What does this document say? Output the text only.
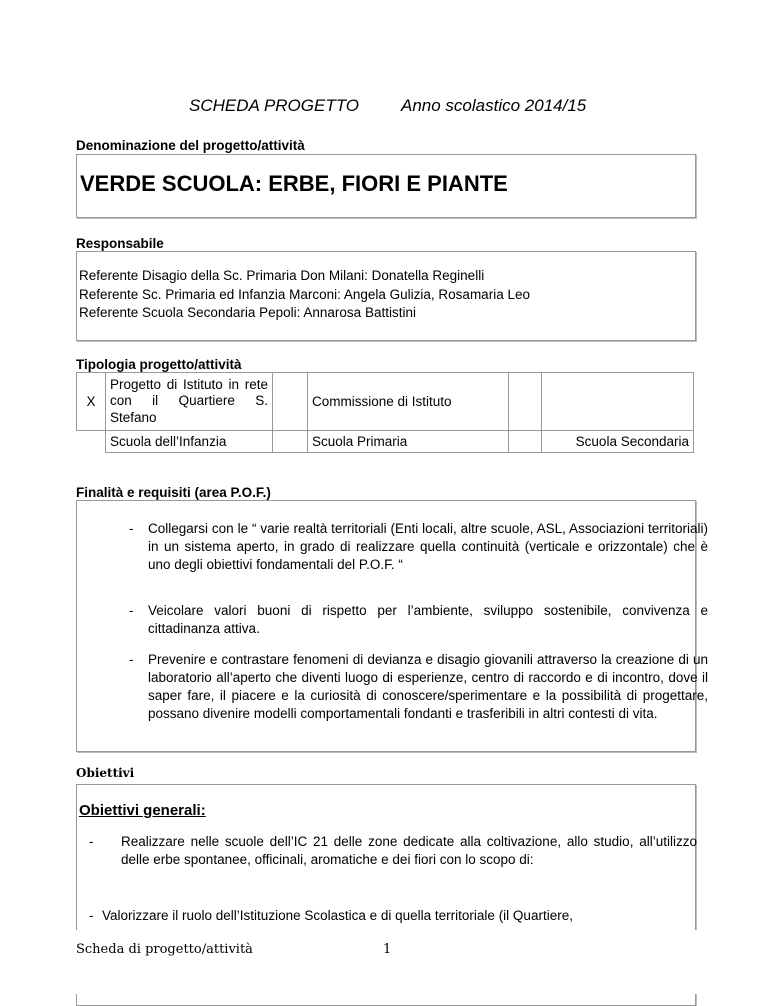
SCHEDA PROGETTO Anno scolastico 2014/15
Denominazione del progetto/attività
VERDE SCUOLA: ERBE, FIORI E PIANTE
Responsabile
Referente Disagio della Sc. Primaria Don Milani: Donatella Reginelli
Referente Sc. Primaria ed Infanzia Marconi: Angela Gulizia, Rosamaria Leo
Referente Scuola Secondaria Pepoli: Annarosa Battistini
Tipologia progetto/attività
X	Progetto di Istituto in rete con il Quartiere S. Stefano		Commissione di Istituto		
	Scuola dell’Infanzia		Scuola Primaria		Scuola Secondaria
Finalità e requisiti (area P.O.F.)
- Collegarsi con le “ varie realtà territoriali (Enti locali, altre scuole, ASL, Associazioni territoriali) in un sistema aperto, in grado di realizzare quella continuità (verticale e orizzontale) che è uno degli obiettivi fondamentali del P.O.F. “
- Veicolare valori buoni di rispetto per l’ambiente, sviluppo sostenibile, convivenza e cittadinanza attiva.
- Prevenire e contrastare fenomeni di devianza e disagio giovanili attraverso la creazione di un laboratorio all’aperto che diventi luogo di esperienze, centro di raccordo e di incontro, dove il saper fare, il piacere e la curiosità di conoscere/sperimentare e la possibilità di progettare, possano divenire modelli comportamentali fondanti e trasferibili in altri contesti di vita.
Obiettivi
Obiettivi generali:
- Realizzare nelle scuole dell’IC 21 delle zone dedicate alla coltivazione, allo studio, all’utilizzo delle erbe spontanee, officinali, aromatiche e dei fiori con lo scopo di:
- Valorizzare il ruolo dell’Istituzione Scolastica e di quella territoriale (il Quartiere,
Scheda di progetto/attività	1
